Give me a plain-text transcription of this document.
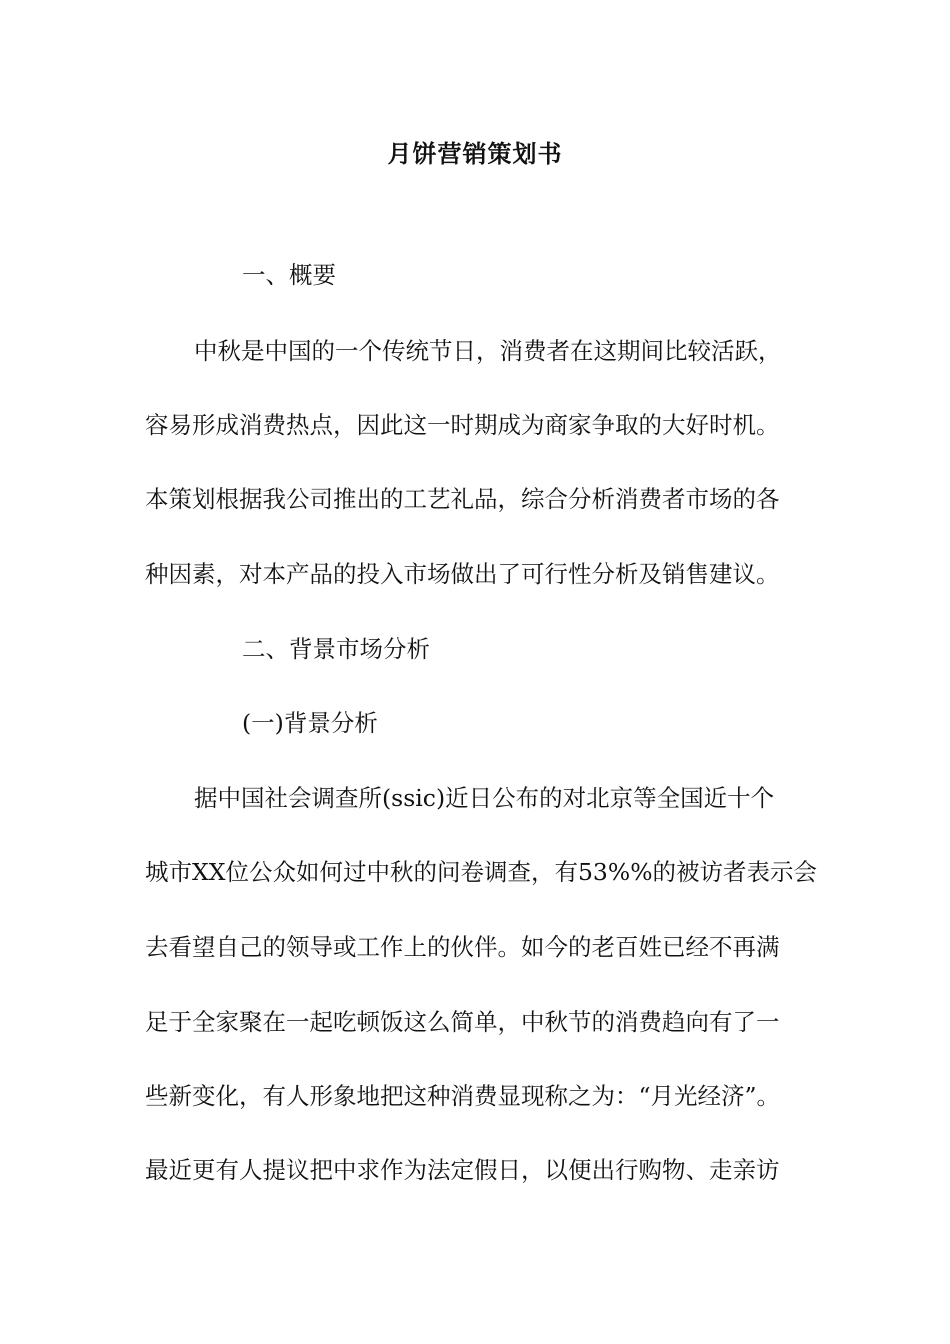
月饼营销策划书
一、概要
中秋是中国的一个传统节日，消费者在这期间比较活跃，
容易形成消费热点，因此这一时期成为商家争取的大好时机。
本策划根据我公司推出的工艺礼品，综合分析消费者市场的各
种因素，对本产品的投入市场做出了可行性分析及销售建议。
二、背景市场分析
(一)背景分析
据中国社会调查所(ssic)近日公布的对北京等全国近十个
城市XX位公众如何过中秋的问卷调查，有53%%的被访者表示会
去看望自己的领导或工作上的伙伴。如今的老百姓已经不再满
足于全家聚在一起吃顿饭这么简单，中秋节的消费趋向有了一
些新变化，有人形象地把这种消费显现称之为：“月光经济”。
最近更有人提议把中求作为法定假日，以便出行购物、走亲访
